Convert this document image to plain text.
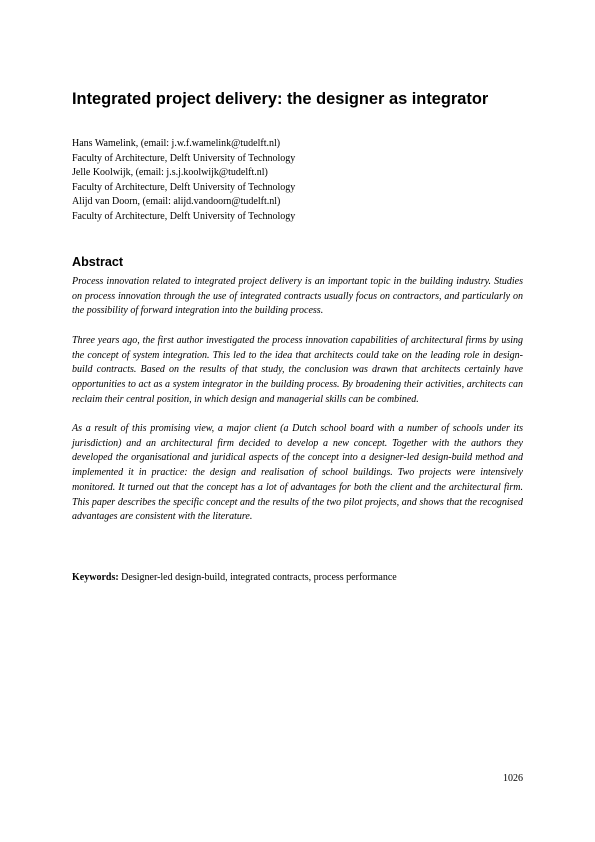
Integrated project delivery: the designer as integrator
Hans Wamelink, (email: j.w.f.wamelink@tudelft.nl)
Faculty of Architecture, Delft University of Technology
Jelle Koolwijk, (email: j.s.j.koolwijk@tudelft.nl)
Faculty of Architecture, Delft University of Technology
Alijd van Doorn, (email: alijd.vandoorn@tudelft.nl)
Faculty of Architecture, Delft University of Technology
Abstract

Process innovation related to integrated project delivery is an important topic in the building industry. Studies on process innovation through the use of integrated contracts usually focus on contractors, and particularly on the possibility of forward integration into the building process.

Three years ago, the first author investigated the process innovation capabilities of architectural firms by using the concept of system integration. This led to the idea that architects could take on the leading role in design-build contracts. Based on the results of that study, the conclusion was drawn that architects certainly have opportunities to act as a system integrator in the building process. By broadening their activities, architects can reclaim their central position, in which design and managerial skills can be combined.

As a result of this promising view, a major client (a Dutch school board with a number of schools under its jurisdiction) and an architectural firm decided to develop a new concept. Together with the authors they developed the organisational and juridical aspects of the concept into a designer-led design-build method and implemented it in practice: the design and realisation of school buildings. Two projects were intensively monitored. It turned out that the concept has a lot of advantages for both the client and the architectural firm. This paper describes the specific concept and the results of the two pilot projects, and shows that the recognised advantages are consistent with the literature.

Keywords: Designer-led design-build, integrated contracts, process performance
1026
